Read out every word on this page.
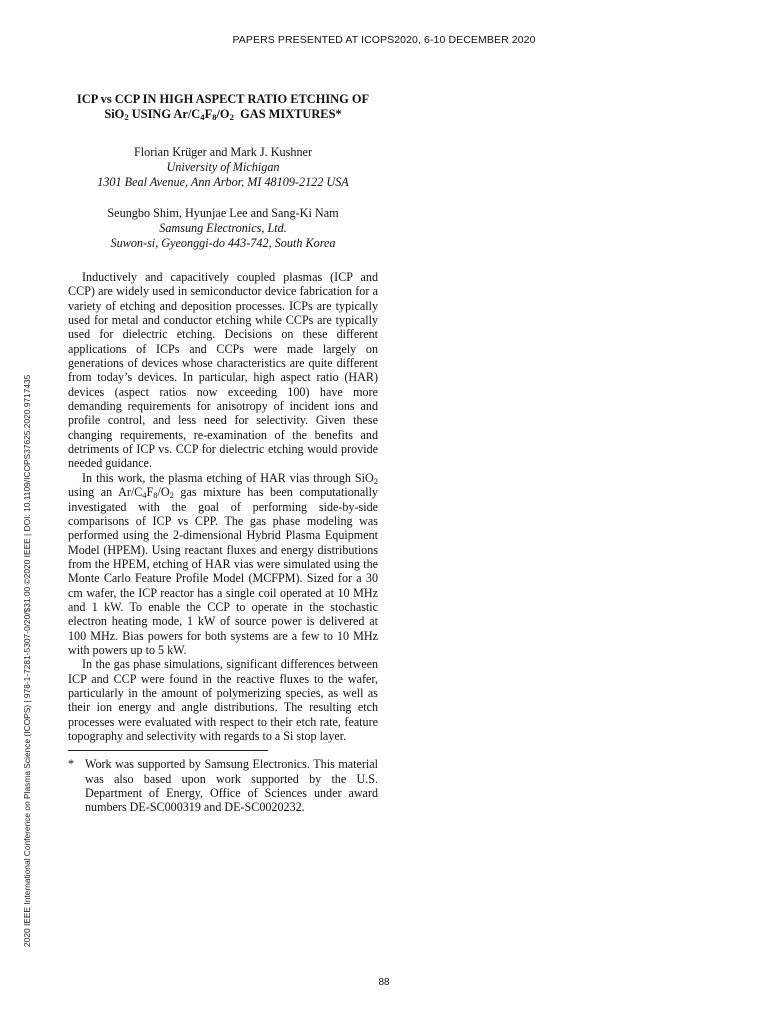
PAPERS PRESENTED AT ICOPS2020, 6-10 DECEMBER 2020
2020 IEEE International Conference on Plasma Science (ICOPS) | 978-1-7281-5307-0/20/$31.00 ©2020 IEEE | DOI: 10.1109/ICOPS37625.2020.9717435
ICP vs CCP IN HIGH ASPECT RATIO ETCHING OF
SiO$_2$ USING $Ar/C_4F_8/O_2$  GAS MIXTURES*
Florian Krüger and Mark J. Kushner
University of Michigan
1301 Beal Avenue, Ann Arbor, MI 48109-2122 USA
Seungbo Shim, Hyunjae Lee and Sang-Ki Nam
Samsung Electronics, Ltd.
Suwon-si, Gyeonggi-do 443-742, South Korea

Inductively and capacitively coupled plasmas (ICP and CCP) are widely used in semiconductor device fabrication for a variety of etching and deposition processes. ICPs are typically used for metal and conductor etching while CCPs are typically used for dielectric etching. Decisions on these different applications of ICPs and CCPs were made largely on generations of devices whose characteristics are quite different from today’s devices. In particular, high aspect ratio (HAR) devices (aspect ratios now exceeding 100) have more demanding requirements for anisotropy of incident ions and profile control, and less need for selectivity. Given these changing requirements, re-examination of the benefits and detriments of ICP vs. CCP for dielectric etching would provide needed guidance.

In this work, the plasma etching of HAR vias through SiO$_2$ using an $Ar/C_4F_8/O_2$ gas mixture has been computationally investigated with the goal of performing side-by-side comparisons of ICP vs CPP. The gas phase modeling was performed using the 2-dimensional Hybrid Plasma Equipment Model (HPEM). Using reactant fluxes and energy distributions from the HPEM, etching of HAR vias were simulated using the Monte Carlo Feature Profile Model (MCFPM). Sized for a 30 cm wafer, the ICP reactor has a single coil operated at 10 MHz and 1 kW. To enable the CCP to operate in the stochastic electron heating mode, 1 kW of source power is delivered at 100 MHz. Bias powers for both systems are a few to 10 MHz with powers up to 5 kW.

In the gas phase simulations, significant differences between ICP and CCP were found in the reactive fluxes to the wafer, particularly in the amount of polymerizing species, as well as their ion energy and angle distributions. The resulting etch processes were evaluated with respect to their etch rate, feature topography and selectivity with regards to a Si stop layer.

* Work was supported by Samsung Electronics. This material was also based upon work supported by the U.S. Department of Energy, Office of Sciences under award numbers DE-SC000319 and DE-SC0020232.
88
